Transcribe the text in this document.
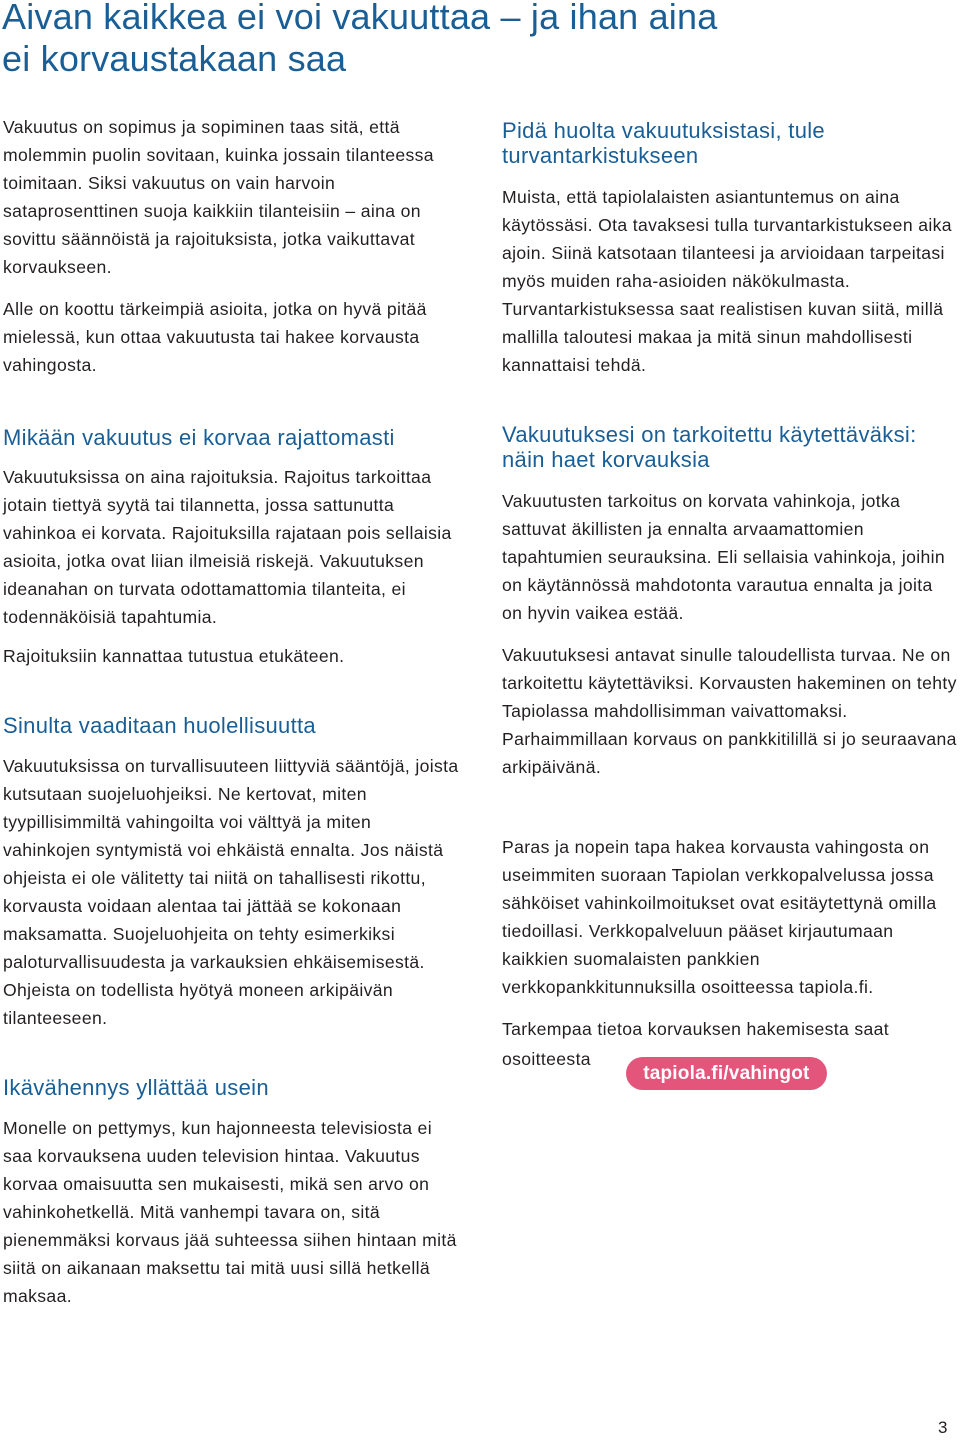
Aivan kaikkea ei voi vakuuttaa – ja ihan aina
ei korvaustakaan saa

Vakuutus on sopimus ja sopiminen taas sitä, että molemmin puolin sovitaan, kuinka jossain tilanteessa toimitaan. Siksi vakuutus on vain harvoin sataprosenttinen suoja kaikkiin tilanteisiin – aina on sovittu säännöistä ja rajoituksista, jotka vaikuttavat korvaukseen.

Alle on koottu tärkeimpiä asioita, jotka on hyvä pitää mielessä, kun ottaa vakuutusta tai hakee korvausta vahingosta.

Mikään vakuutus ei korvaa rajattomasti

Vakuutuksissa on aina rajoituksia. Rajoitus tarkoittaa jotain tiettyä syytä tai tilannetta, jossa sattunutta vahinkoa ei korvata. Rajoituksilla rajataan pois sellaisia asioita, jotka ovat liian ilmeisiä riskejä. Vakuutuksen ideanahan on turvata odottamattomia tilanteita, ei todennäköisiä tapahtumia.

Rajoituksiin kannattaa tutustua etukäteen.

Sinulta vaaditaan huolellisuutta

Vakuutuksissa on turvallisuuteen liittyviä sääntöjä, joista kutsutaan suojeluohjeiksi. Ne kertovat, miten tyypillisimmiltä vahingoilta voi välttyä ja miten vahinkojen syntymistä voi ehkäistä ennalta. Jos näistä ohjeista ei ole välitetty tai niitä on tahallisesti rikottu, korvausta voidaan alentaa tai jättää se kokonaan maksamatta. Suojeluohjeita on tehty esimerkiksi paloturvallisuudesta ja varkauksien ehkäisemisestä. Ohjeista on todellista hyötyä moneen arkipäivän tilanteeseen.

Ikävähennys yllättää usein

Monelle on pettymys, kun hajonneesta televisiosta ei saa korvauksena uuden television hintaa. Vakuutus korvaa omaisuutta sen mukaisesti, mikä sen arvo on vahinkohetkellä. Mitä vanhempi tavara on, sitä pienemmäksi korvaus jää suhteessa siihen hintaan mitä siitä on aikanaan maksettu tai mitä uusi sillä hetkellä maksaa.

Pidä huolta vakuutuksistasi, tule turvantarkistukseen

Muista, että tapiolalaisten asiantuntemus on aina käytössäsi. Ota tavaksesi tulla turvantarkistukseen aika ajoin. Siinä katsotaan tilanteesi ja arvioidaan tarpeitasi myös muiden raha-asioiden näkökulmasta. Turvantarkistuksessa saat realistisen kuvan siitä, millä mallilla taloutesi makaa ja mitä sinun mahdollisesti kannattaisi tehdä.

Vakuutuksesi on tarkoitettu käytettäväksi: näin haet korvauksia

Vakuutusten tarkoitus on korvata vahinkoja, jotka sattuvat äkillisten ja ennalta arvaamattomien tapahtumien seurauksina. Eli sellaisia vahinkoja, joihin on käytännössä mahdotonta varautua ennalta ja joita on hyvin vaikea estää.

Vakuutuksesi antavat sinulle taloudellista turvaa. Ne on tarkoitettu käytettäviksi. Korvausten hakeminen on tehty Tapiolassa mahdollisimman vaivattomaksi. Parhaimmillaan korvaus on pankkitilillä si jo seuraavana arkipäivänä.

Paras ja nopein tapa hakea korvausta vahingosta on useimmiten suoraan Tapiolan verkkopalvelussa jossa sähköiset vahinkoilmoitukset ovat esitäytettynä omilla tiedoillasi. Verkkopalveluun pääset kirjautumaan kaikkien suomalaisten pankkien verkkopankkitunnuksilla osoitteessa tapiola.fi.

Tarkempaa tietoa korvauksen hakemisesta saat osoitteesta tapiola.fi/vahingot

3
